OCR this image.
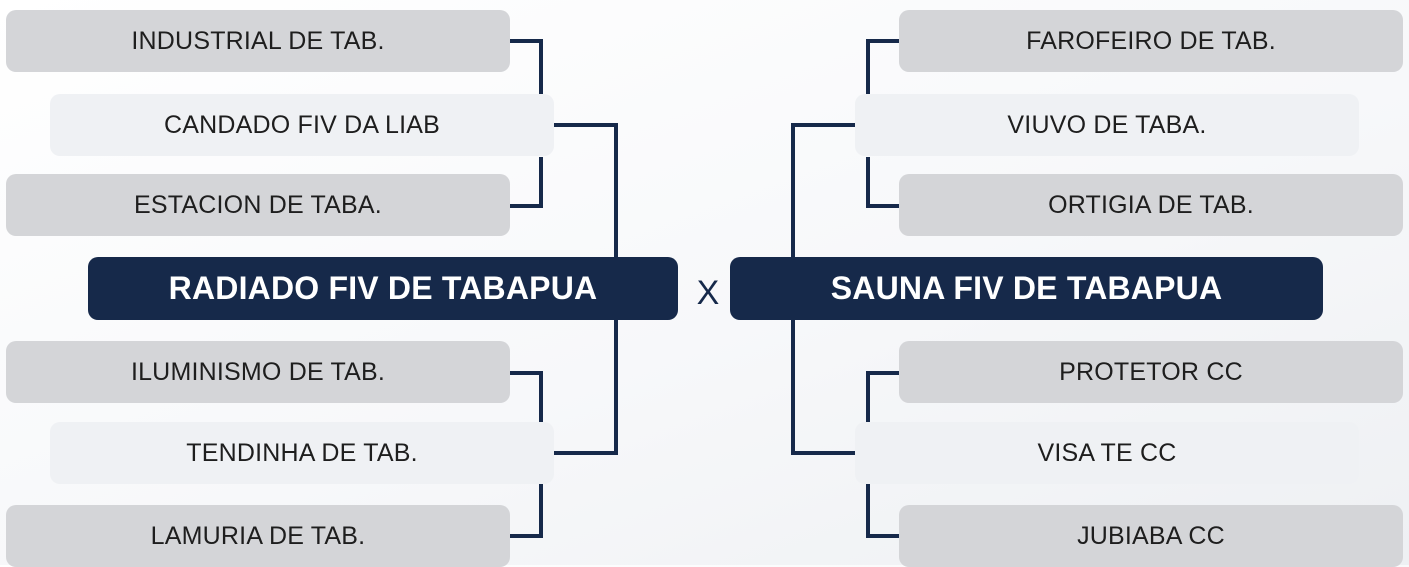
INDUSTRIAL DE TAB.
CANDADO FIV DA LIAB
ESTACION DE TABA.
RADIADO FIV DE TABAPUA
ILUMINISMO DE TAB.
TENDINHA DE TAB.
LAMURIA DE TAB.
X
FAROFEIRO DE TAB.
VIUVO DE TABA.
ORTIGIA DE TAB.
SAUNA FIV DE TABAPUA
PROTETOR CC
VISA TE CC
JUBIABA CC
